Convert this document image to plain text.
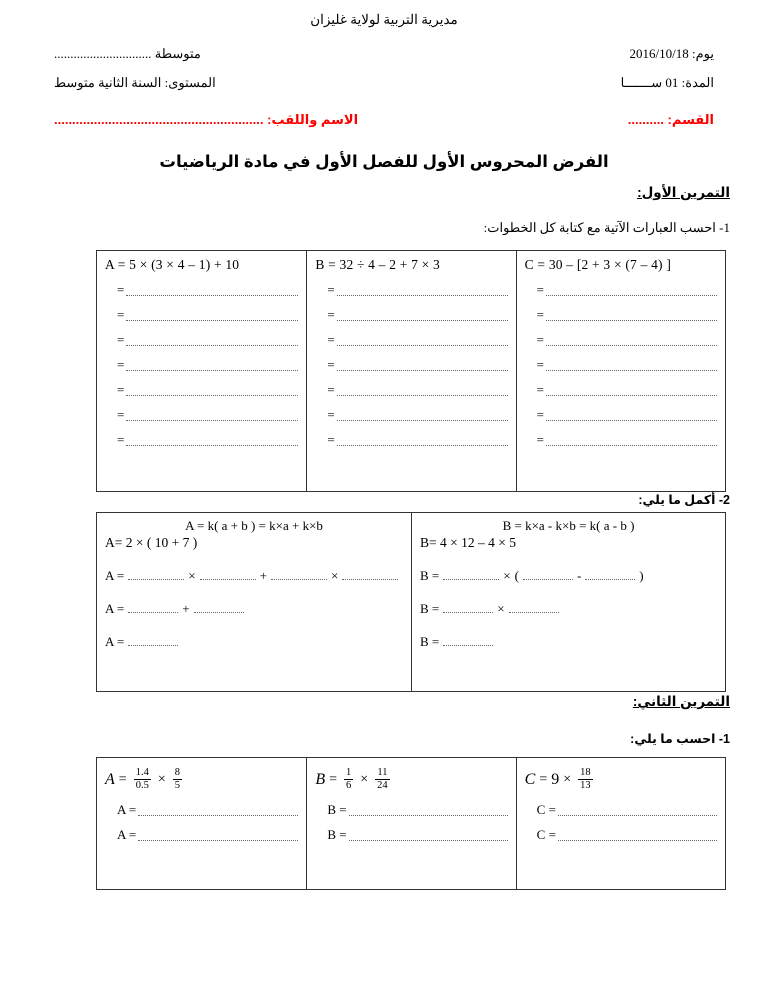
مديرية التربية لولاية غليزان
متوسطة ..............................	يوم: 2016/10/18
المستوى: السنة الثانية متوسط	المدة: 01 ســـــــا
الاسم واللقب: ..........................................................	القسم: ..........
الفرض المحروس الأول للفصل الأول في مادة الرياضيات
التمرين الأول:
1- احسب العبارات الآتية مع كتابة كل الخطوات:
A = 5 × (3 × 4 – 1) + 10
=
=
=
=
=
=
=
B = 32 ÷ 4 – 2 + 7 × 3
=
=
=
=
=
=
=
C = 30 – [2 + 3 × (7 – 4) ]
=
=
=
=
=
=
=
2- أكمل ما يلي:
A = k( a + b ) = k×a + k×b
A= 2 × ( 10 + 7 )
A =	×	+	×
A =	+
A =
B = k×a - k×b = k( a - b )
B= 4 × 12 – 4 × 5
B =	× (	-	)
B =	×
B =
التمرين الثاني:
1- احسب ما يلي:
$A = \frac{1.4}{0.5} \times \frac{8}{5}$
A =
A =
$B = \frac{1}{6} \times \frac{11}{24}$
B =
B =
$C = 9 \times \frac{18}{13}$
C =
C =
